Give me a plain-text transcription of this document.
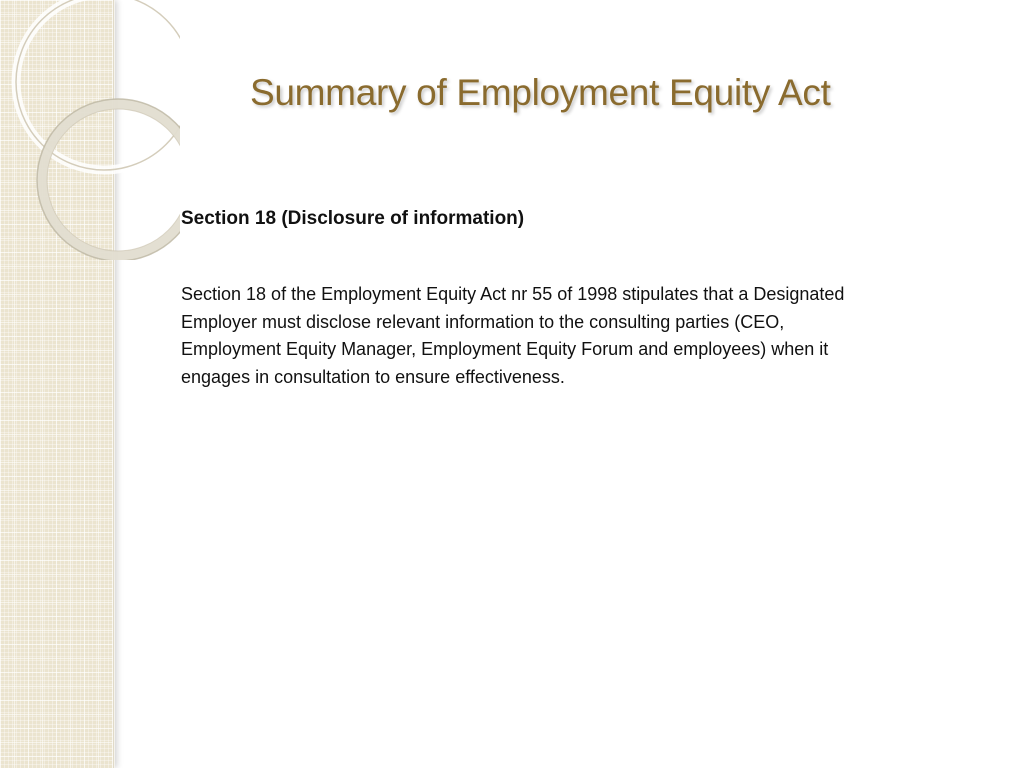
Summary of Employment Equity Act

Section 18 (Disclosure of information)

Section 18 of the Employment Equity Act nr 55 of 1998 stipulates that a Designated
Employer must disclose relevant information to the consulting parties (CEO,
Employment Equity Manager, Employment Equity Forum and employees) when it
engages in consultation to ensure effectiveness.
